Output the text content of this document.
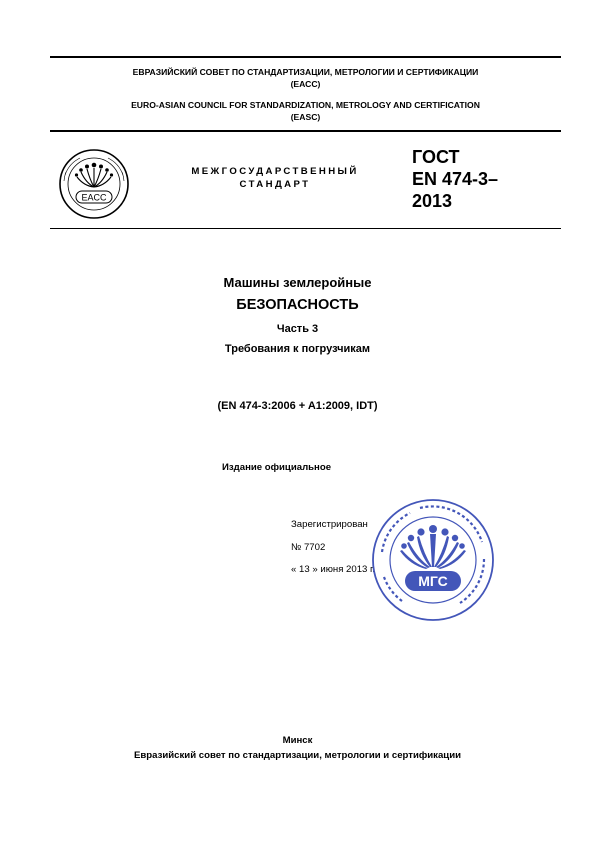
ЕВРАЗИЙСКИЙ СОВЕТ ПО СТАНДАРТИЗАЦИИ, МЕТРОЛОГИИ И СЕРТИФИКАЦИИ
(ЕАСС)
EURO-ASIAN COUNCIL FOR STANDARDIZATION, METROLOGY AND CERTIFICATION
(EASC)
EACC
МЕЖГОСУДАРСТВЕННЫЙ
СТАНДАРТ
ГОСТ
EN 474-3–
2013
Машины землеройные
БЕЗОПАСНОСТЬ
Часть 3
Требования к погрузчикам
(EN 474-3:2006 + A1:2009, IDT)
Издание официальное
Зарегистрирован
№ 7702
« 13 » июня 2013 г.
МГС
Минск
Евразийский совет по стандартизации, метрологии и сертификации
